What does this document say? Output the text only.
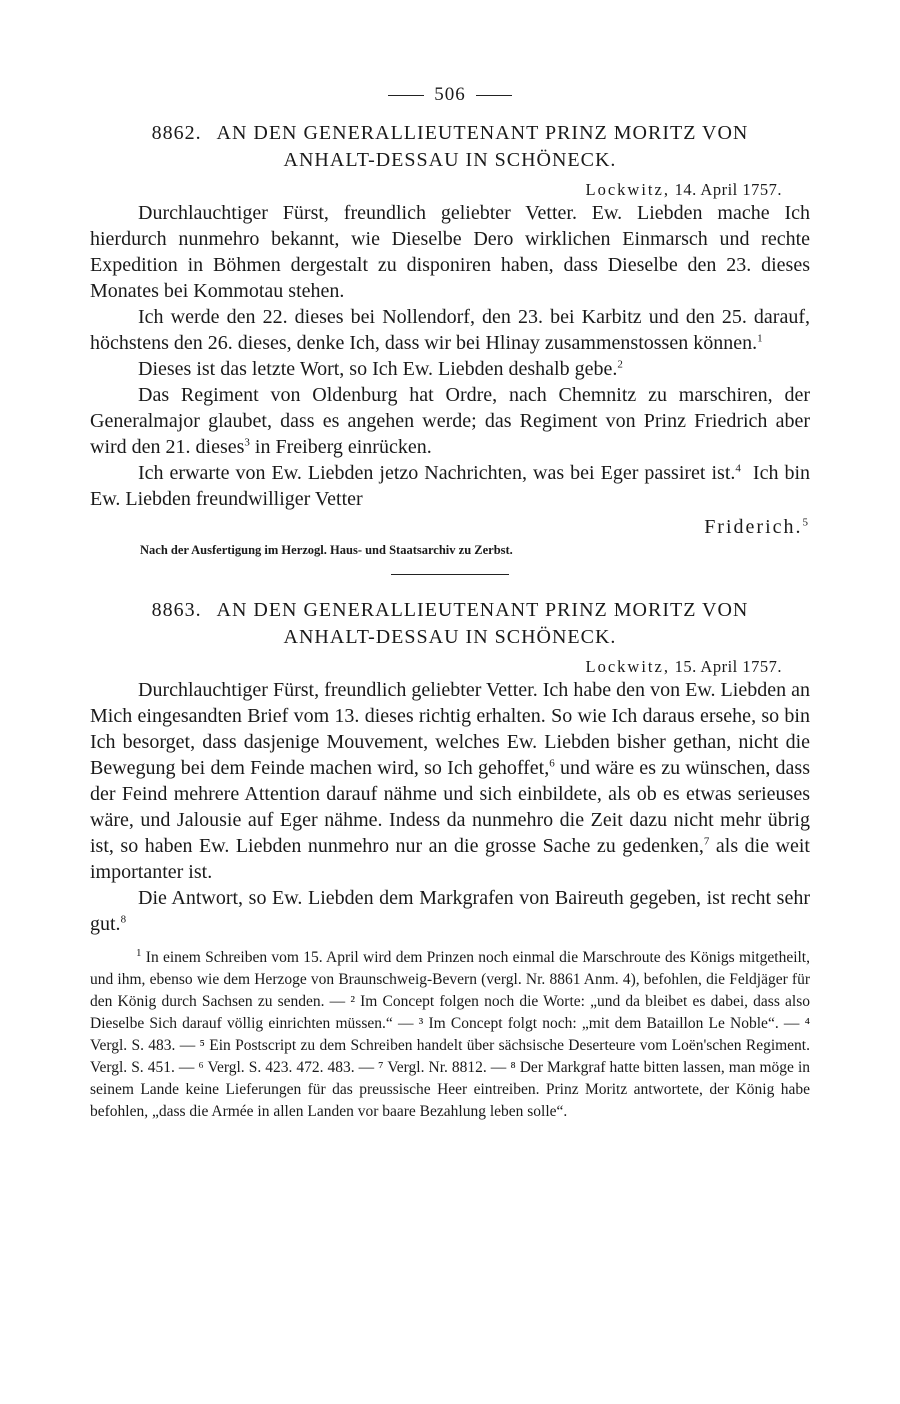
506
8862. AN DEN GENERALLIEUTENANT PRINZ MORITZ VON
ANHALT-DESSAU IN SCHÖNECK.
Lockwitz, 14. April 1757.

Durchlauchtiger Fürst, freundlich geliebter Vetter. Ew. Liebden mache Ich hierdurch nunmehro bekannt, wie Dieselbe Dero wirklichen Einmarsch und rechte Expedition in Böhmen dergestalt zu disponiren haben, dass Dieselbe den 23. dieses Monates bei Kommotau stehen.

Ich werde den 22. dieses bei Nollendorf, den 23. bei Karbitz und den 25. darauf, höchstens den 26. dieses, denke Ich, dass wir bei Hlinay zusammenstossen können.$^1$

Dieses ist das letzte Wort, so Ich Ew. Liebden deshalb gebe.$^2$

Das Regiment von Oldenburg hat Ordre, nach Chemnitz zu marschiren, der Generalmajor glaubet, dass es angehen werde; das Regiment von Prinz Friedrich aber wird den 21. dieses$^3$ in Freiberg einrücken.

Ich erwarte von Ew. Liebden jetzo Nachrichten, was bei Eger passiret ist.$^4$ Ich bin Ew. Liebden freundwilliger Vetter

Friderich.$^5$
Nach der Ausfertigung im Herzogl. Haus- und Staatsarchiv zu Zerbst.
8863. AN DEN GENERALLIEUTENANT PRINZ MORITZ VON
ANHALT-DESSAU IN SCHÖNECK.
Lockwitz, 15. April 1757.

Durchlauchtiger Fürst, freundlich geliebter Vetter. Ich habe den von Ew. Liebden an Mich eingesandten Brief vom 13. dieses richtig erhalten. So wie Ich daraus ersehe, so bin Ich besorget, dass dasjenige Mouvement, welches Ew. Liebden bisher gethan, nicht die Bewegung bei dem Feinde machen wird, so Ich gehoffet,$^6$ und wäre es zu wünschen, dass der Feind mehrere Attention darauf nähme und sich einbildete, als ob es etwas serieuses wäre, und Jalousie auf Eger nähme. Indess da nunmehro die Zeit dazu nicht mehr übrig ist, so haben Ew. Liebden nunmehro nur an die grosse Sache zu gedenken,$^7$ als die weit importanter ist.

Die Antwort, so Ew. Liebden dem Markgrafen von Baireuth gegeben, ist recht sehr gut.$^8$

$^1$ In einem Schreiben vom 15. April wird dem Prinzen noch einmal die Marschroute des Königs mitgetheilt, und ihm, ebenso wie dem Herzoge von Braunschweig-Bevern (vergl. Nr. 8861 Anm. 4), befohlen, die Feldjäger für den König durch Sachsen zu senden. — ² Im Concept folgen noch die Worte: „und da bleibet es dabei, dass also Dieselbe Sich darauf völlig einrichten müssen.“ — ³ Im Concept folgt noch: „mit dem Bataillon Le Noble“. — ⁴ Vergl. S. 483. — ⁵ Ein Postscript zu dem Schreiben handelt über sächsische Deserteure vom Loën'schen Regiment. Vergl. S. 451. — ⁶ Vergl. S. 423. 472. 483. — ⁷ Vergl. Nr. 8812. — ⁸ Der Markgraf hatte bitten lassen, man möge in seinem Lande keine Lieferungen für das preussische Heer eintreiben. Prinz Moritz antwortete, der König habe befohlen, „dass die Armée in allen Landen vor baare Bezahlung leben solle“.
